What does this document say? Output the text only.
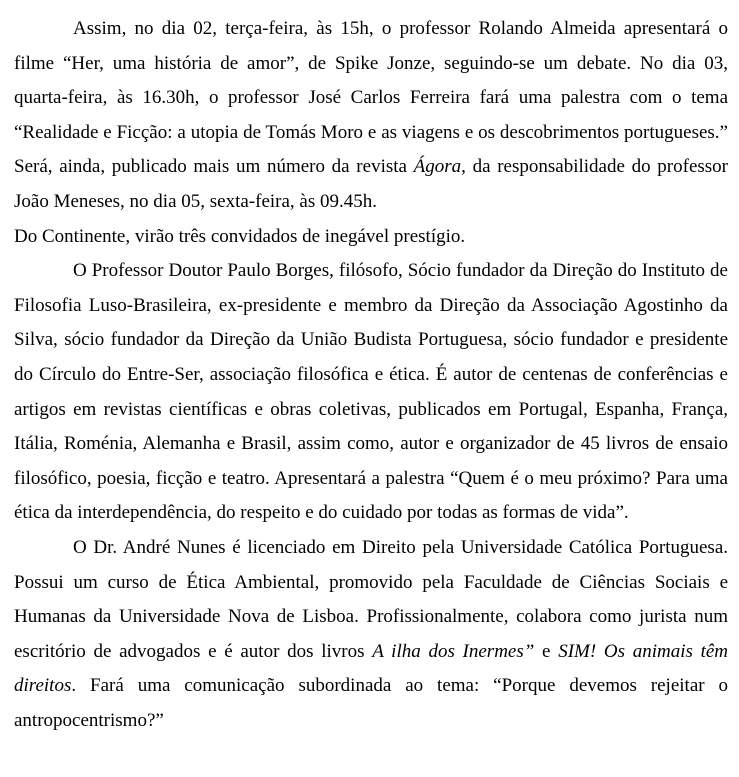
Assim, no dia 02, terça-feira, às 15h, o professor Rolando Almeida apresentará o filme “Her, uma história de amor”, de Spike Jonze, seguindo-se um debate. No dia 03, quarta-feira, às 16.30h, o professor José Carlos Ferreira fará uma palestra com o tema “Realidade e Ficção: a utopia de Tomás Moro e as viagens e os descobrimentos portugueses.” Será, ainda, publicado mais um número da revista Ágora, da responsabilidade do professor João Meneses, no dia 05, sexta-feira, às 09.45h.

Do Continente, virão três convidados de inegável prestígio.

O Professor Doutor Paulo Borges, filósofo, Sócio fundador da Direção do Instituto de Filosofia Luso-Brasileira, ex-presidente e membro da Direção da Associação Agostinho da Silva, sócio fundador da Direção da União Budista Portuguesa, sócio fundador e presidente do Círculo do Entre-Ser, associação filosófica e ética. É autor de centenas de conferências e artigos em revistas científicas e obras coletivas, publicados em Portugal, Espanha, França, Itália, Roménia, Alemanha e Brasil, assim como, autor e organizador de 45 livros de ensaio filosófico, poesia, ficção e teatro. Apresentará a palestra “Quem é o meu próximo? Para uma ética da interdependência, do respeito e do cuidado por todas as formas de vida”.

O Dr. André Nunes é licenciado em Direito pela Universidade Católica Portuguesa. Possui um curso de Ética Ambiental, promovido pela Faculdade de Ciências Sociais e Humanas da Universidade Nova de Lisboa. Profissionalmente, colabora como jurista num escritório de advogados e é autor dos livros A ilha dos Inermes” e SIM! Os animais têm direitos. Fará uma comunicação subordinada ao tema: “Porque devemos rejeitar o antropocentrismo?”
